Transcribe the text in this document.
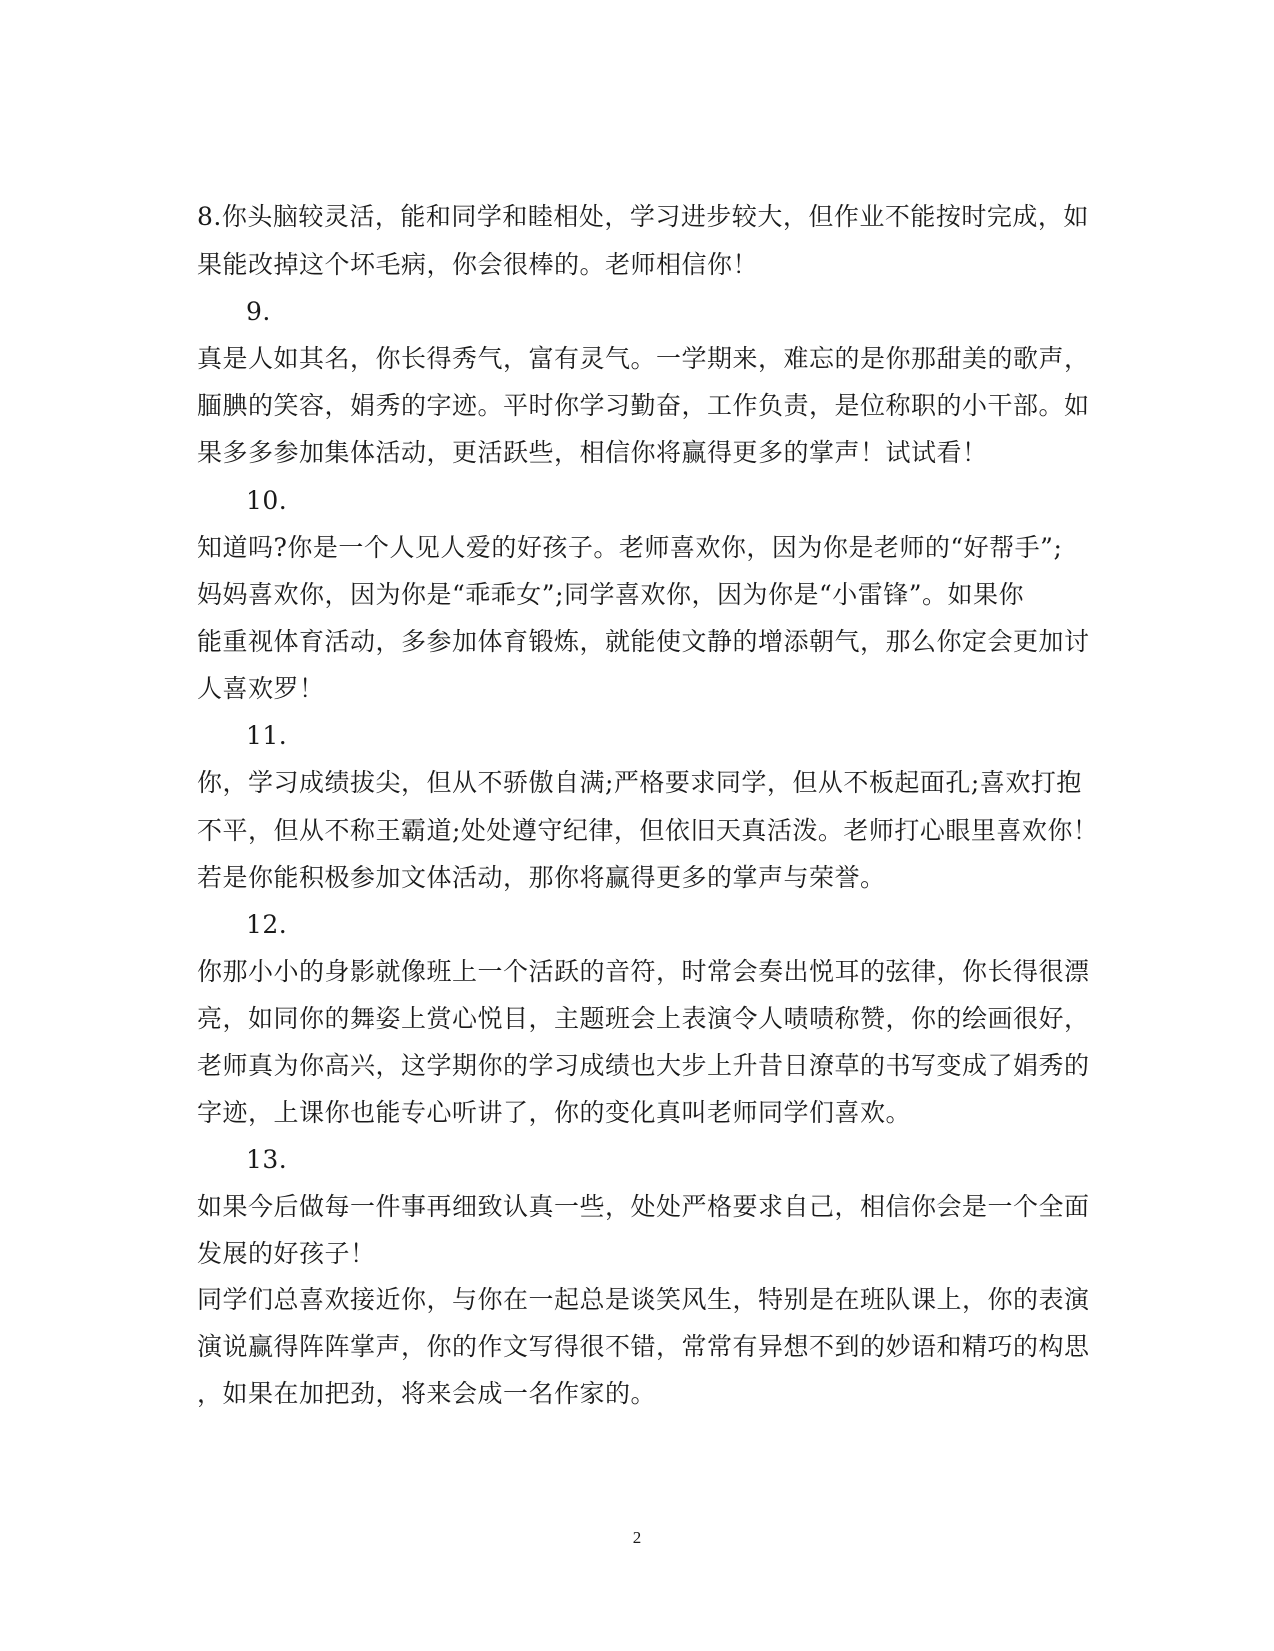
8.你头脑较灵活，能和同学和睦相处，学习进步较大，但作业不能按时完成，如
果能改掉这个坏毛病，你会很棒的。老师相信你！
9.
真是人如其名，你长得秀气，富有灵气。一学期来，难忘的是你那甜美的歌声，
腼腆的笑容，娟秀的字迹。平时你学习勤奋，工作负责，是位称职的小干部。如
果多多参加集体活动，更活跃些，相信你将赢得更多的掌声！试试看！
10.
知道吗?你是一个人见人爱的好孩子。老师喜欢你，因为你是老师的“好帮手”;
妈妈喜欢你，因为你是“乖乖女”;同学喜欢你，因为你是“小雷锋”。如果你
能重视体育活动，多参加体育锻炼，就能使文静的增添朝气，那么你定会更加讨
人喜欢罗！
11.
你，学习成绩拔尖，但从不骄傲自满;严格要求同学，但从不板起面孔;喜欢打抱
不平，但从不称王霸道;处处遵守纪律，但依旧天真活泼。老师打心眼里喜欢你！
若是你能积极参加文体活动，那你将赢得更多的掌声与荣誉。
12.
你那小小的身影就像班上一个活跃的音符，时常会奏出悦耳的弦律，你长得很漂
亮，如同你的舞姿上赏心悦目，主题班会上表演令人啧啧称赞，你的绘画很好，
老师真为你高兴，这学期你的学习成绩也大步上升昔日潦草的书写变成了娟秀的
字迹，上课你也能专心听讲了，你的变化真叫老师同学们喜欢。
13.
如果今后做每一件事再细致认真一些，处处严格要求自己，相信你会是一个全面
发展的好孩子！
同学们总喜欢接近你，与你在一起总是谈笑风生，特别是在班队课上，你的表演
演说赢得阵阵掌声，你的作文写得很不错，常常有异想不到的妙语和精巧的构思
，如果在加把劲，将来会成一名作家的。
2
